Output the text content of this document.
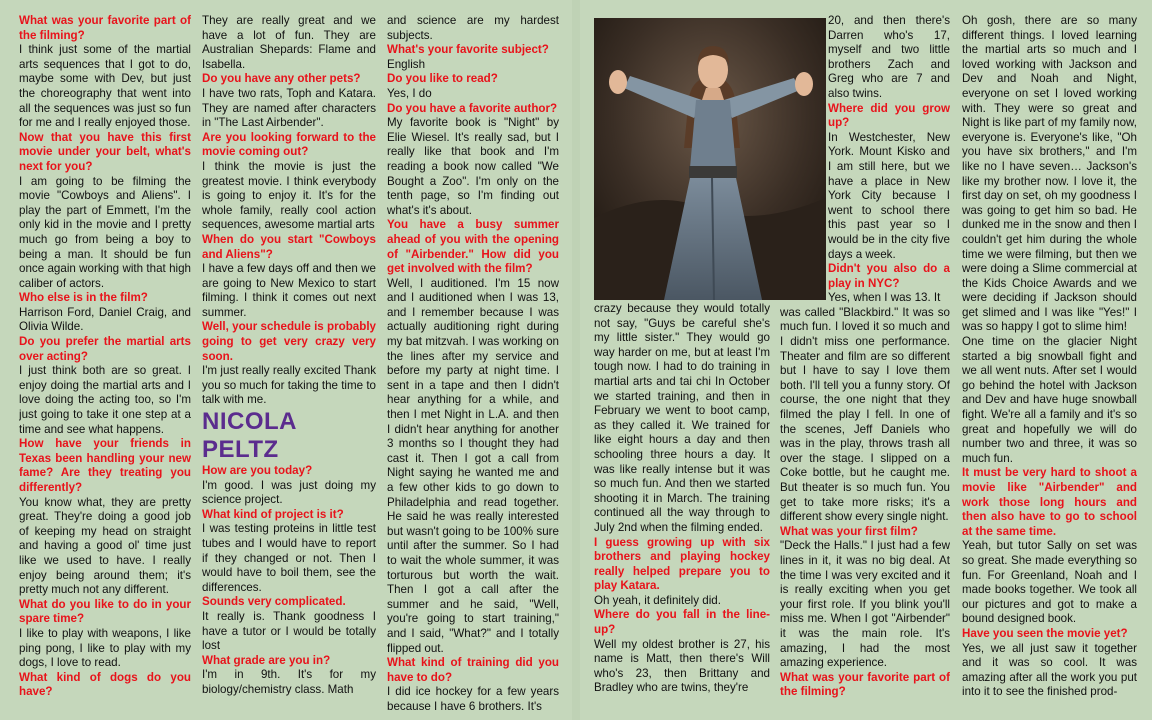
What was your favorite part of the filming?

I think just some of the martial arts sequences that I got to do, maybe some with Dev, but just the choreography that went into all the sequences was just so fun for me and I really enjoyed those.

Now that you have this first movie under your belt, what's next for you?

I am going to be filming the movie "Cowboys and Aliens". I play the part of Emmett, I'm the only kid in the movie and I pretty much go from being a boy to being a man. It should be fun once again working with that high caliber of actors.

Who else is in the film?

Harrison Ford, Daniel Craig, and Olivia Wilde.

Do you prefer the martial arts over acting?

I just think both are so great. I enjoy doing the martial arts and I love doing the acting too, so I'm just going to take it one step at a time and see what happens.

How have your friends in Texas been handling your new fame? Are they treating you differently?

You know what, they are pretty great. They're doing a good job of keeping my head on straight and having a good ol' time just like we used to have. I really enjoy being around them; it's pretty much not any different.

What do you like to do in your spare time?

I like to play with weapons, I like ping pong, I like to play with my dogs, I love to read.

What kind of dogs do you have?

They are really great and we have a lot of fun. They are Australian Shepards: Flame and Isabella.

Do you have any other pets?

I have two rats, Toph and Katara. They are named after characters in "The Last Airbender".

Are you looking forward to the movie coming out?

I think the movie is just the greatest movie. I think everybody is going to enjoy it. It's for the whole family, really cool action sequences, awesome martial arts

When do you start "Cowboys and Aliens"?

I have a few days off and then we are going to New Mexico to start filming. I think it comes out next summer.

Well, your schedule is probably going to get very crazy very soon.

I'm just really really excited Thank you so much for taking the time to talk with me.

NICOLA PELTZ

How are you today?

I'm good. I was just doing my science project.

What kind of project is it?

I was testing proteins in little test tubes and I would have to report if they changed or not. Then I would have to boil them, see the differences.

Sounds very complicated.

It really is. Thank goodness I have a tutor or I would be totally lost

What grade are you in?

I'm in 9th. It's for my biology/chemistry class. Math

and science are my hardest subjects.

What's your favorite subject?

English

Do you like to read?

Yes, I do

Do you have a favorite author?

My favorite book is "Night" by Elie Wiesel. It's really sad, but I really like that book and I'm reading a book now called "We Bought a Zoo". I'm only on the tenth page, so I'm finding out what's it's about.

You have a busy summer ahead of you with the opening of "Airbender." How did you get involved with the film?

Well, I auditioned. I'm 15 now and I auditioned when I was 13, and I remember because I was actually auditioning right during my bat mitzvah. I was working on the lines after my service and before my party at night time. I sent in a tape and then I didn't hear anything for a while, and then I met Night in L.A. and then I didn't hear anything for another 3 months so I thought they had cast it. Then I got a call from Night saying he wanted me and a few other kids to go down to Philadelphia and read together. He said he was really interested but wasn't going to be 100% sure until after the summer. So I had to wait the whole summer, it was torturous but worth the wait. Then I got a call after the summer and he said, "Well, you're going to start training," and I said, "What?" and I totally flipped out.

What kind of training did you have to do?

I did ice hockey for a few years because I have 6 brothers. It's

crazy because they would totally not say, "Guys be careful she's my little sister." They would go way harder on me, but at least I'm tough now. I had to do training in martial arts and tai chi In October we started training, and then in February we went to boot camp, as they called it. We trained for like eight hours a day and then schooling three hours a day. It was like really intense but it was so much fun. And then we started shooting it in March. The training continued all the way through to July 2nd when the filming ended.

I guess growing up with six brothers and playing hockey really helped prepare you to play Katara.

Oh yeah, it definitely did.

Where do you fall in the line-up?

Well my oldest brother is 27, his name is Matt, then there's Will who's 23, then Brittany and Bradley who are twins, they're

20, and then there's Darren who's 17, myself and two little brothers Zach and Greg who are 7 and also twins.

Where did you grow up?

In Westchester, New York. Mount Kisko and I am still here, but we have a place in New York City because I went to school there this past year so I would be in the city five days a week.

Didn't you also do a play in NYC?

Yes, when I was 13. It

was called "Blackbird." It was so much fun. I loved it so much and I didn't miss one performance. Theater and film are so different but I have to say I love them both. I'll tell you a funny story. Of course, the one night that they filmed the play I fell. In one of the scenes, Jeff Daniels who was in the play, throws trash all over the stage. I slipped on a Coke bottle, but he caught me. But theater is so much fun. You get to take more risks; it's a different show every single night.

What was your first film?

"Deck the Halls." I just had a few lines in it, it was no big deal. At the time I was very excited and it is really exciting when you get your first role. If you blink you'll miss me. When I got "Airbender" it was the main role. It's amazing, I had the most amazing experience.

What was your favorite part of the filming?

Oh gosh, there are so many different things. I loved learning the martial arts so much and I loved working with Jackson and Dev and Noah and Night, everyone on set I loved working with. They were so great and Night is like part of my family now, everyone is. Everyone's like, "Oh you have six brothers," and I'm like no I have seven… Jackson's like my brother now. I love it, the first day on set, oh my goodness I was going to get him so bad. He dunked me in the snow and then I couldn't get him during the whole time we were filming, but then we were doing a Slime commercial at the Kids Choice Awards and we were deciding if Jackson should get slimed and I was like "Yes!" I was so happy I got to slime him!

One time on the glacier Night started a big snowball fight and we all went nuts. After set I would go behind the hotel with Jackson and Dev and have huge snowball fight. We're all a family and it's so great and hopefully we will do number two and three, it was so much fun.

It must be very hard to shoot a movie like "Airbender" and work those long hours and then also have to go to school at the same time.

Yeah, but tutor Sally on set was so great. She made everything so fun. For Greenland, Noah and I made books together. We took all our pictures and got to make a bound designed book.

Have you seen the movie yet?

Yes, we all just saw it together and it was so cool. It was amazing after all the work you put into it to see the finished prod-
